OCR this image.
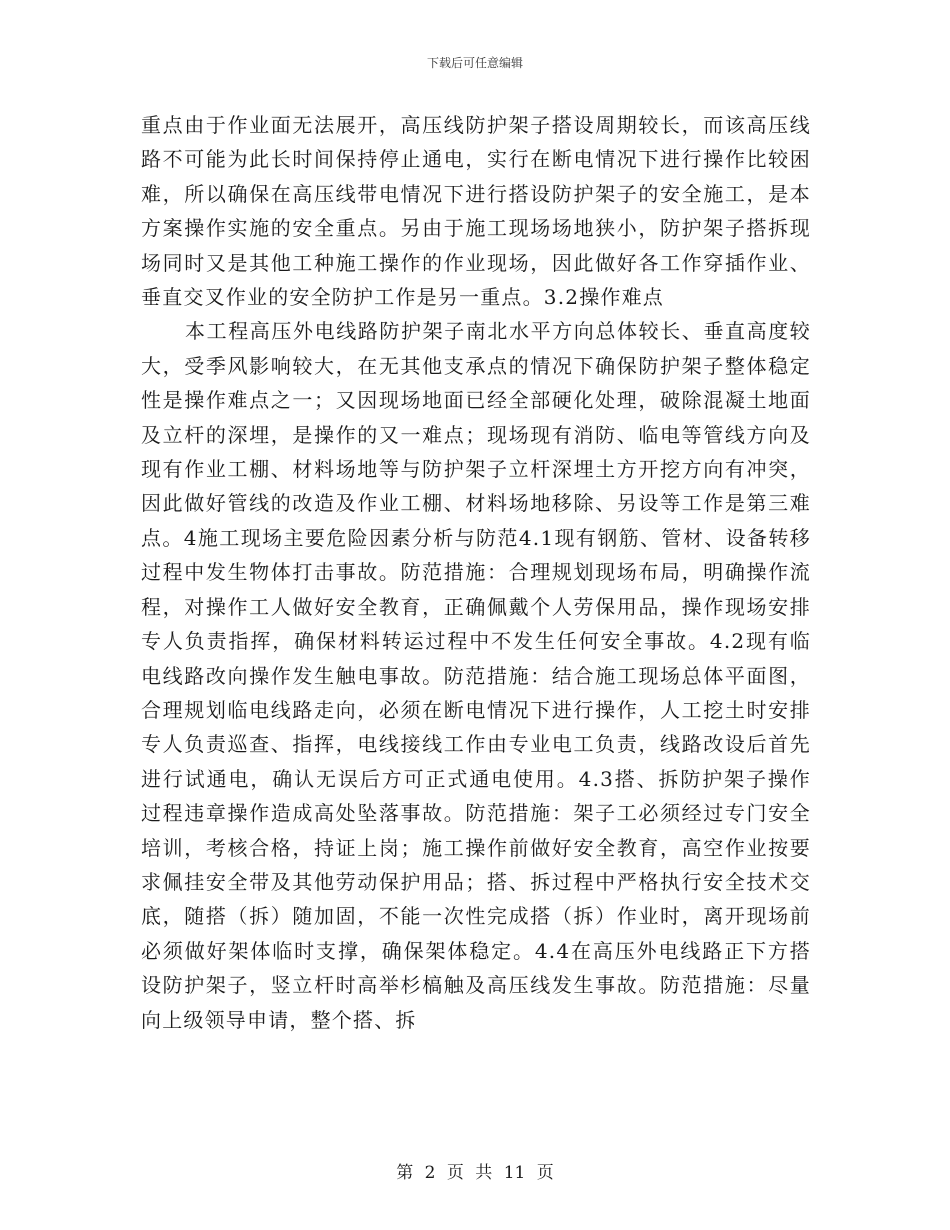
下载后可任意编辑

重点由于作业面无法展开，高压线防护架子搭设周期较长，而该高压线路不可能为此长时间保持停止通电，实行在断电情况下进行操作比较困难，所以确保在高压线带电情况下进行搭设防护架子的安全施工，是本方案操作实施的安全重点。另由于施工现场场地狭小，防护架子搭拆现场同时又是其他工种施工操作的作业现场，因此做好各工作穿插作业、垂直交叉作业的安全防护工作是另一重点。3.2操作难点

本工程高压外电线路防护架子南北水平方向总体较长、垂直高度较大，受季风影响较大，在无其他支承点的情况下确保防护架子整体稳定性是操作难点之一；又因现场地面已经全部硬化处理，破除混凝土地面及立杆的深埋，是操作的又一难点；现场现有消防、临电等管线方向及现有作业工棚、材料场地等与防护架子立杆深埋土方开挖方向有冲突，因此做好管线的改造及作业工棚、材料场地移除、另设等工作是第三难点。4施工现场主要危险因素分析与防范4.1现有钢筋、管材、设备转移过程中发生物体打击事故。防范措施：合理规划现场布局，明确操作流程，对操作工人做好安全教育，正确佩戴个人劳保用品，操作现场安排专人负责指挥，确保材料转运过程中不发生任何安全事故。4.2现有临电线路改向操作发生触电事故。防范措施：结合施工现场总体平面图，合理规划临电线路走向，必须在断电情况下进行操作，人工挖土时安排专人负责巡查、指挥，电线接线工作由专业电工负责，线路改设后首先进行试通电，确认无误后方可正式通电使用。4.3搭、拆防护架子操作过程违章操作造成高处坠落事故。防范措施：架子工必须经过专门安全培训，考核合格，持证上岗；施工操作前做好安全教育，高空作业按要求佩挂安全带及其他劳动保护用品；搭、拆过程中严格执行安全技术交底，随搭（拆）随加固，不能一次性完成搭（拆）作业时，离开现场前必须做好架体临时支撑，确保架体稳定。4.4在高压外电线路正下方搭设防护架子，竖立杆时高举杉槁触及高压线发生事故。防范措施：尽量向上级领导申请，整个搭、拆

第 2 页 共 11 页
